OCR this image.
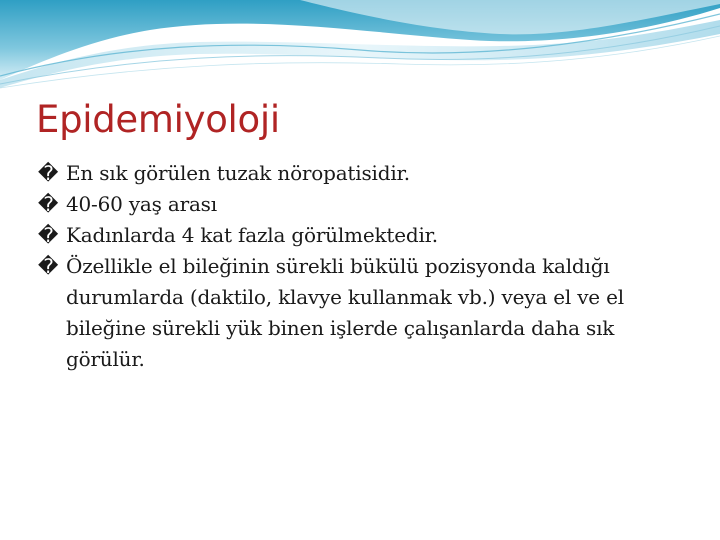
Epidemiyoloji
� En sık görülen tuzak nöropatisidir.
� 40-60 yaş arası
� Kadınlarda 4 kat fazla görülmektedir.
� Özellikle el bileğinin sürekli bükülü pozisyonda kaldığı durumlarda (daktilo, klavye kullanmak vb.) veya el ve el bileğine sürekli yük binen işlerde çalışanlarda daha sık görülür.
